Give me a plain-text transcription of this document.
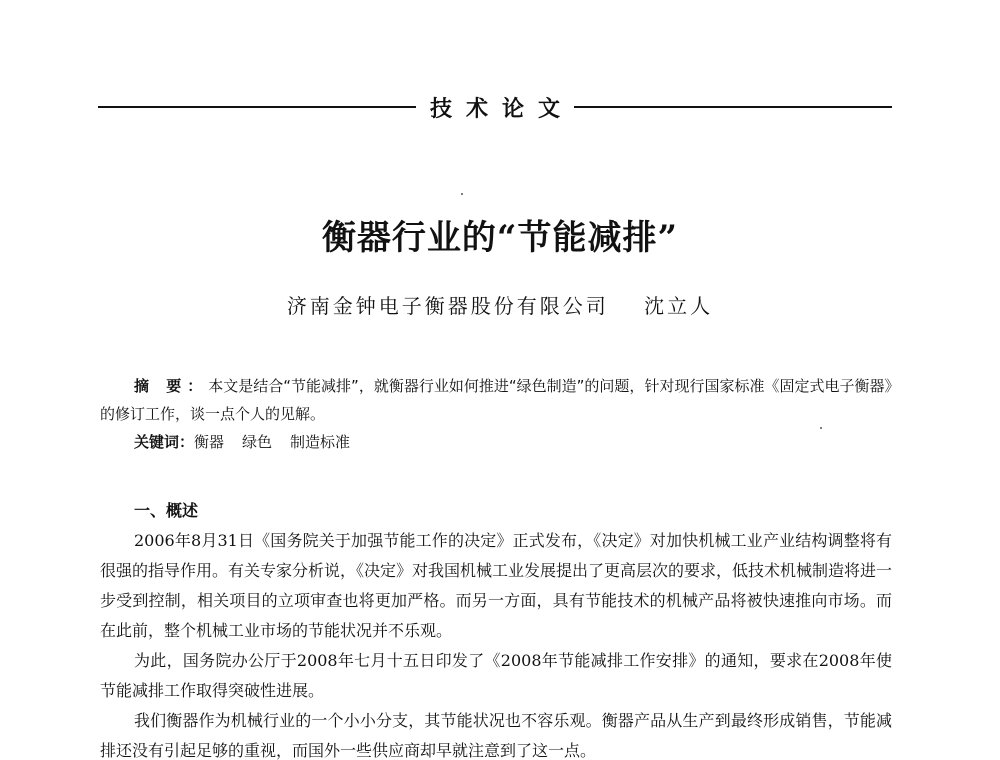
技术论文
衡器行业的“节能减排”
济南金钟电子衡器股份有限公司 沈立人

摘 要：本文是结合“节能减排”，就衡器行业如何推进“绿色制造”的问题，针对现行国家标准《固定式电子衡器》的修订工作，谈一点个人的见解。

关键词：衡器 绿色 制造标准

一、概述

2006年8月31日《国务院关于加强节能工作的决定》正式发布，《决定》对加快机械工业产业结构调整将有很强的指导作用。有关专家分析说，《决定》对我国机械工业发展提出了更高层次的要求，低技术机械制造将进一步受到控制，相关项目的立项审查也将更加严格。而另一方面，具有节能技术的机械产品将被快速推向市场。而在此前，整个机械工业市场的节能状况并不乐观。

为此，国务院办公厅于2008年七月十五日印发了《2008年节能减排工作安排》的通知，要求在2008年使节能减排工作取得突破性进展。

我们衡器作为机械行业的一个小小分支，其节能状况也不容乐观。衡器产品从生产到最终形成销售，节能减排还没有引起足够的重视，而国外一些供应商却早就注意到了这一点。
